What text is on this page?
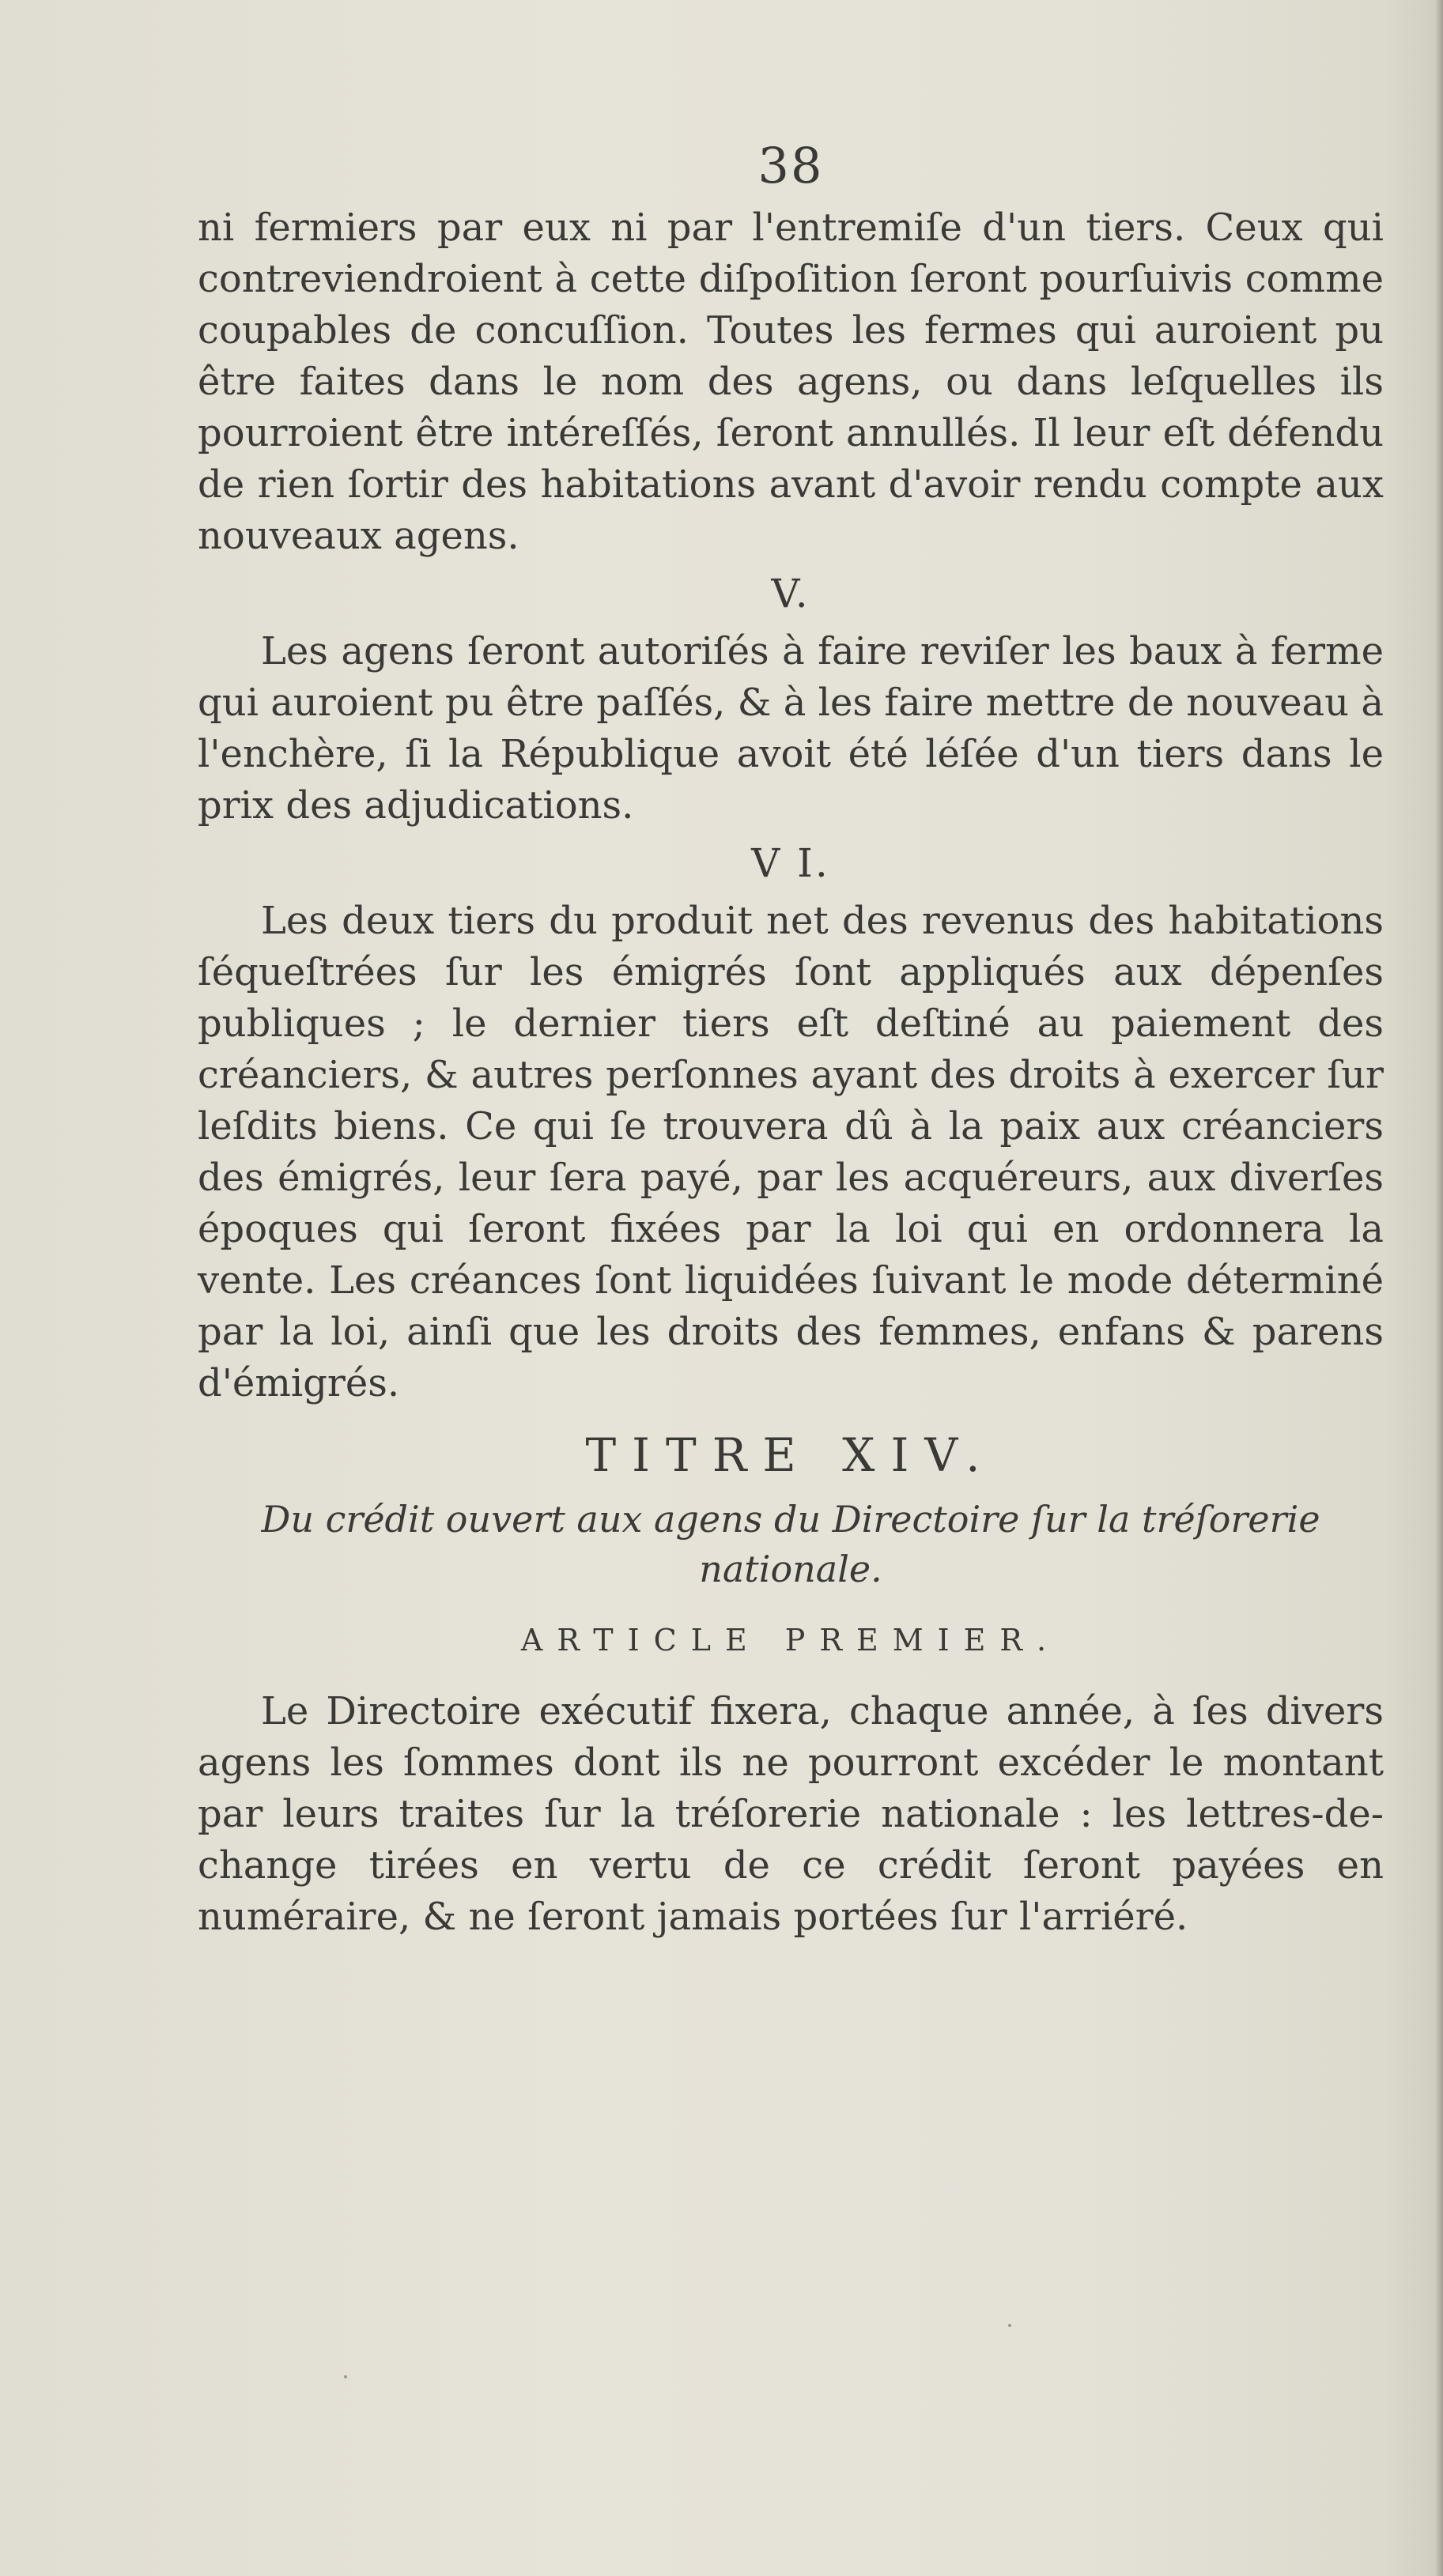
38

ni fermiers par eux ni par l'entremiſe d'un tiers. Ceux qui contreviendroient à cette diſpoſition ſeront pourſuivis comme coupables de concuſſion. Toutes les fermes qui auroient pu être faites dans le nom des agens, ou dans leſquelles ils pourroient être intéreſſés, ſeront annullés. Il leur eſt défendu de rien ſortir des habitations avant d'avoir rendu compte aux nouveaux agens.

V.

Les agens ſeront autoriſés à faire reviſer les baux à ferme qui auroient pu être paſſés, & à les faire mettre de nouveau à l'enchère, ſi la République avoit été léſée d'un tiers dans le prix des adjudications.

V I.

Les deux tiers du produit net des revenus des habitations ſéqueſtrées ſur les émigrés ſont appliqués aux dépenſes publiques ; le dernier tiers eſt deſtiné au paiement des créanciers, & autres perſonnes ayant des droits à exercer ſur leſdits biens. Ce qui ſe trouvera dû à la paix aux créanciers des émigrés, leur ſera payé, par les acquéreurs, aux diverſes époques qui ſeront fixées par la loi qui en ordonnera la vente. Les créances ſont liquidées ſuivant le mode déterminé par la loi, ainſi que les droits des femmes, enfans & parens d'émigrés.

TITRE XIV.
Du crédit ouvert aux agens du Directoire ſur la tréſorerie nationale.
ARTICLE PREMIER.

Le Directoire exécutif fixera, chaque année, à ſes divers agens les ſommes dont ils ne pourront excéder le montant par leurs traites ſur la tréſorerie nationale : les lettres-de-change tirées en vertu de ce crédit ſeront payées en numéraire, & ne ſeront jamais portées ſur l'arriéré.
